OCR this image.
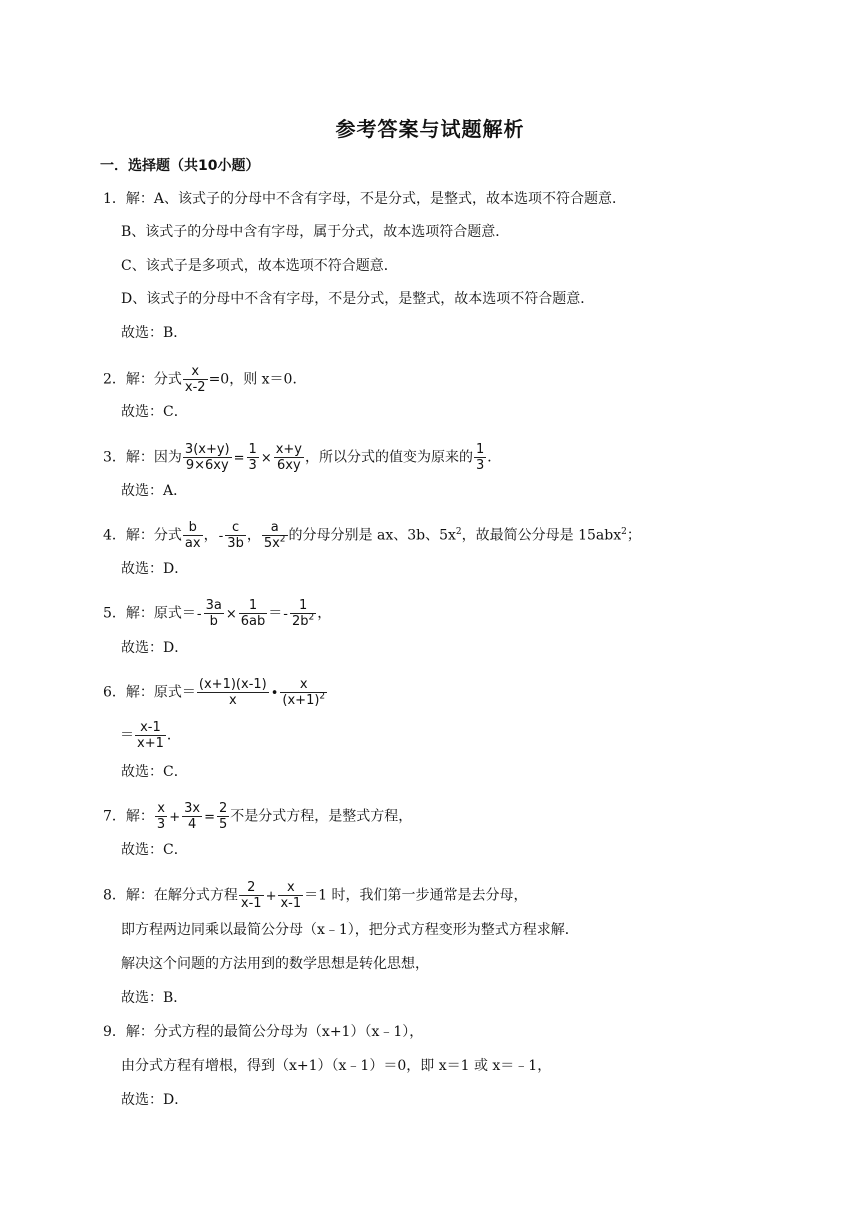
参考答案与试题解析
一．选择题（共10小题）
1．解：A、该式子的分母中不含有字母，不是分式，是整式，故本选项不符合题意．
B、该式子的分母中含有字母，属于分式，故本选项符合题意．
C、该式子是多项式，故本选项不符合题意．
D、该式子的分母中不含有字母，不是分式，是整式，故本选项不符合题意．
故选：B．
2．解：分式 $\frac{x}{x-2} =0$，则 x＝0．
故选：C．
3．解：因为 $\frac{3(x+y)}{9\times 6xy} = \frac{1}{3} \times \frac{x+y}{6xy}$ ，所以分式的值变为原来的 $\frac{1}{3}$ ．
故选：A．
4．解：分式 $\frac{b}{ax}$ ，- $\frac{c}{3b}$ ， $\frac{a}{5x^2}$ 的分母分别是 ax、3b、$5x^2$，故最简公分母是 15abx$^2$；
故选：D．
5．解：原式＝- $\frac{3a}{b} \times \frac{1}{6ab} =- \frac{1}{2b^2}$ ，
故选：D．
6．解：原式＝ $\frac{(x+1)(x-1)}{x}$ • $\frac{x}{(x+1)^2}$
＝ $\frac{x-1}{x+1}$ ．
故选：C．
7．解： $\frac{x}{3} + \frac{3x}{4} = \frac{2}{5}$ 不是分式方程，是整式方程，
故选：C．
8．解：在解分式方程 $\frac{2}{x-1} + \frac{x}{x-1} =1$ 时，我们第一步通常是去分母，
即方程两边同乘以最简公分母（x﹣1），把分式方程变形为整式方程求解．
解决这个问题的方法用到的数学思想是转化思想，
故选：B．
9．解：分式方程的最简公分母为（x+1）（x﹣1），
由分式方程有增根，得到（x+1）（x﹣1）＝0，即 x＝1 或 x＝﹣1，
故选：D．
